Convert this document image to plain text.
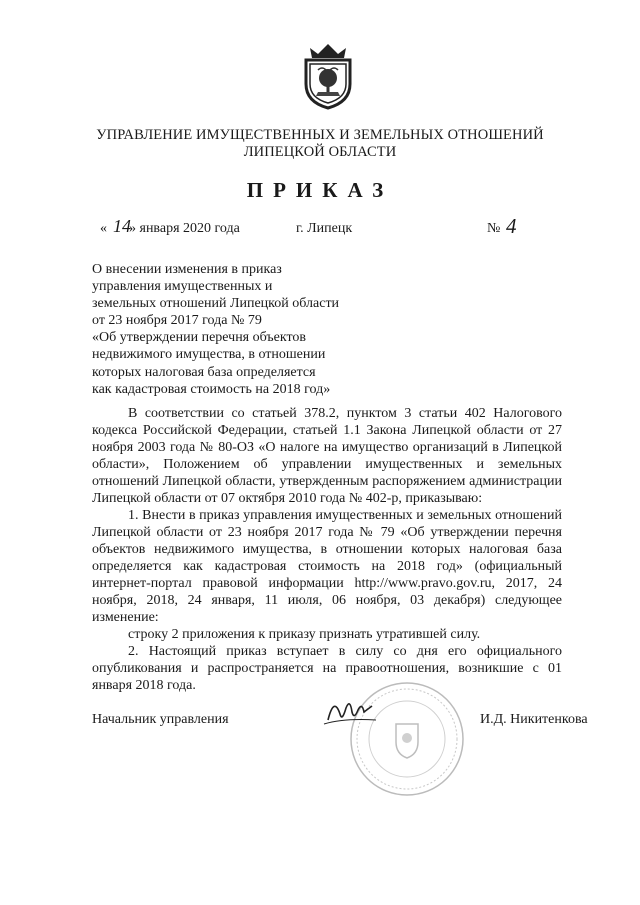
УПРАВЛЕНИЕ ИМУЩЕСТВЕННЫХ И ЗЕМЕЛЬНЫХ ОТНОШЕНИЙ
ЛИПЕЦКОЙ ОБЛАСТИ
ПРИКАЗ
« 14
» января 2020 года	г. Липецк	№ 4
О внесении изменения в приказ
управления имущественных и
земельных отношений Липецкой области
от 23 ноября 2017 года № 79
«Об утверждении перечня объектов
недвижимого имущества, в отношении
которых налоговая база определяется
как кадастровая стоимость на 2018 год»

В соответствии со статьей 378.2, пунктом 3 статьи 402 Налогового кодекса Российской Федерации, статьей 1.1 Закона Липецкой области от 27 ноября 2003 года № 80-ОЗ «О налоге на имущество организаций в Липецкой области», Положением об управлении имущественных и земельных отношений Липецкой области, утвержденным распоряжением администрации Липецкой области от 07 октября 2010 года № 402-р, приказываю:

1. Внести в приказ управления имущественных и земельных отношений Липецкой области от 23 ноября 2017 года № 79 «Об утверждении перечня объектов недвижимого имущества, в отношении которых налоговая база определяется как кадастровая стоимость на 2018 год» (официальный интернет-портал правовой информации http://www.pravo.gov.ru, 2017, 24 ноября, 2018, 24 января, 11 июля, 06 ноября, 03 декабря) следующее изменение:

строку 2 приложения к приказу признать утратившей силу.

2. Настоящий приказ вступает в силу со дня его официального опубликования и распространяется на правоотношения, возникшие с 01 января 2018 года.

Начальник управления	И.Д. Никитенкова
